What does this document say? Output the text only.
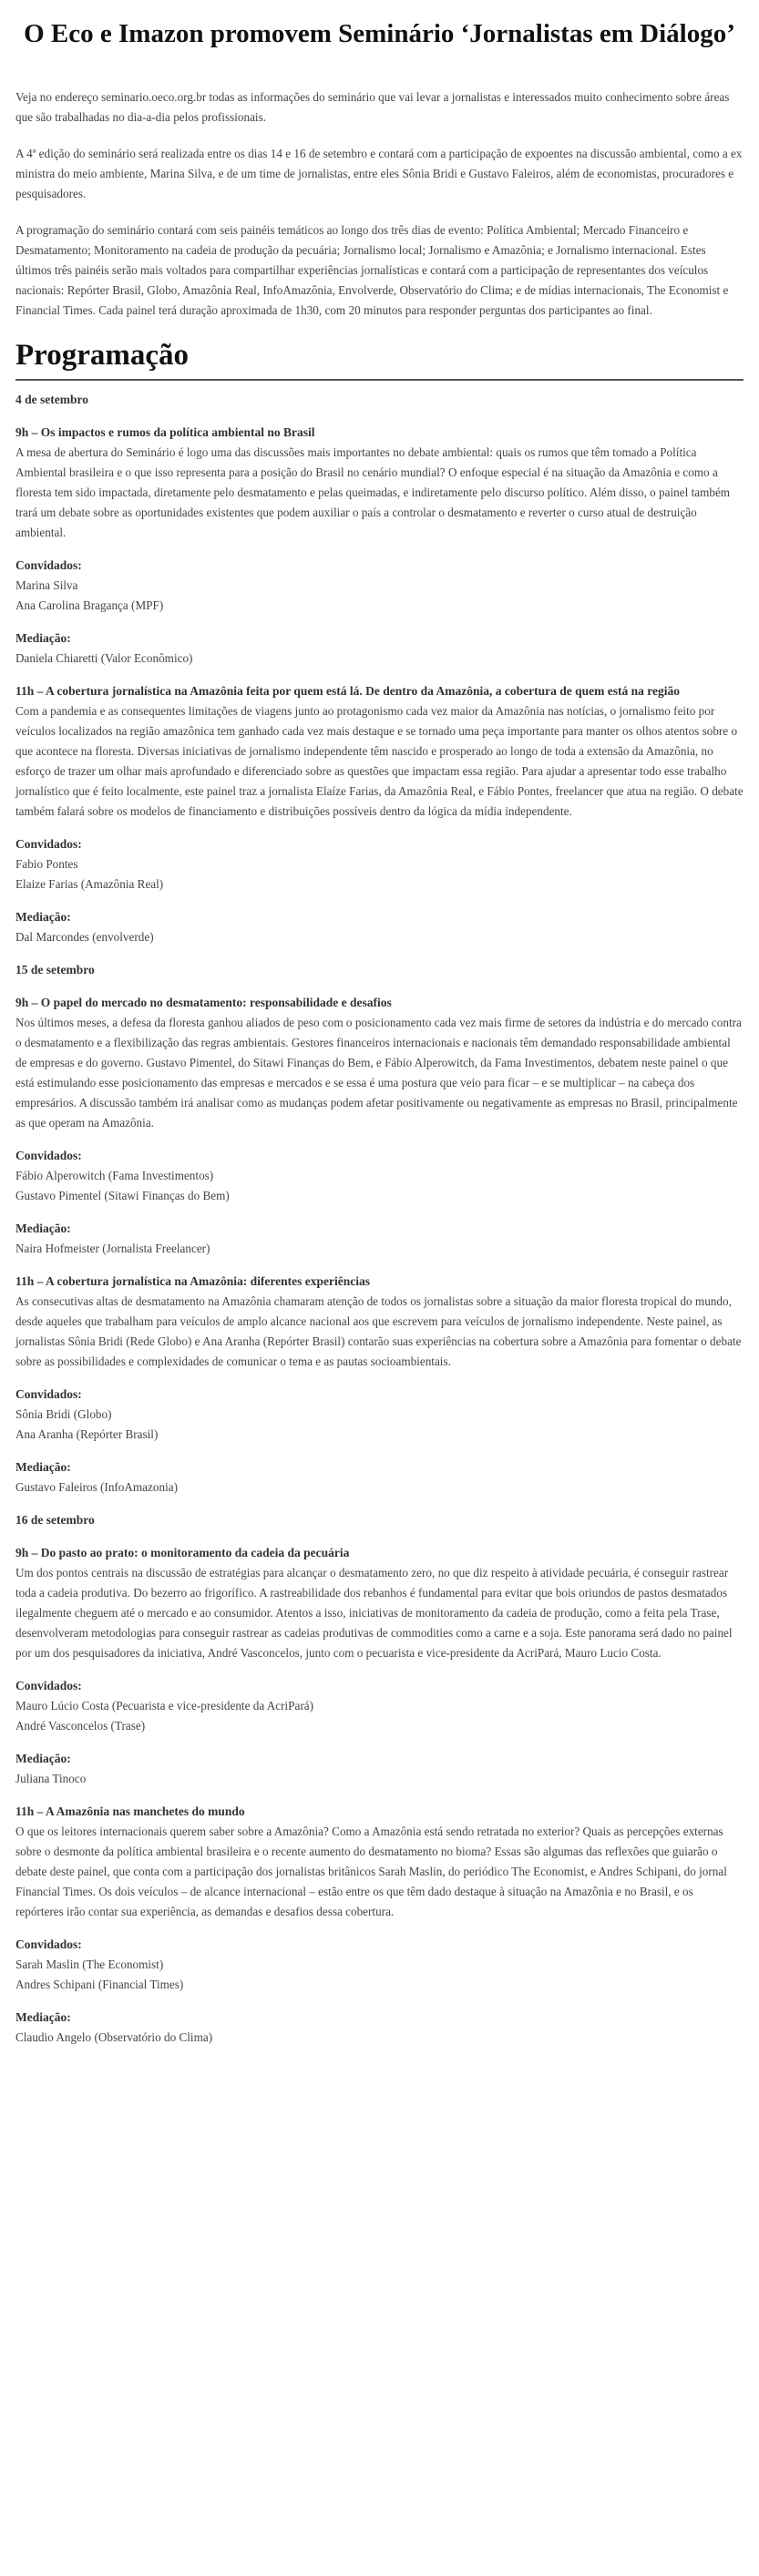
O Eco e Imazon promovem Seminário ‘Jornalistas em Diálogo’

Veja no endereço seminario.oeco.org.br todas as informações do seminário que vai levar a jornalistas e interessados muito conhecimento sobre áreas que são trabalhadas no dia-a-dia pelos profissionais.

A 4ª edição do seminário será realizada entre os dias 14 e 16 de setembro e contará com a participação de expoentes na discussão ambiental, como a ex ministra do meio ambiente, Marina Silva, e de um time de jornalistas, entre eles Sônia Bridi e Gustavo Faleiros, além de economistas, procuradores e pesquisadores.

A programação do seminário contará com seis painéis temáticos ao longo dos três dias de evento: Política Ambiental; Mercado Financeiro e Desmatamento; Monitoramento na cadeia de produção da pecuária; Jornalismo local; Jornalismo e Amazônia; e Jornalismo internacional. Estes últimos três painéis serão mais voltados para compartilhar experiências jornalísticas e contará com a participação de representantes dos veículos nacionais: Repórter Brasil, Globo, Amazônia Real, InfoAmazônia, Envolverde, Observatório do Clima; e de mídias internacionais, The Economist e Financial Times. Cada painel terá duração aproximada de 1h30, com 20 minutos para responder perguntas dos participantes ao final.

Programação
4 de setembro
9h – Os impactos e rumos da política ambiental no Brasil
A mesa de abertura do Seminário é logo uma das discussões mais importantes no debate ambiental: quais os rumos que têm tomado a Política Ambiental brasileira e o que isso representa para a posição do Brasil no cenário mundial? O enfoque especial é na situação da Amazônia e como a floresta tem sido impactada, diretamente pelo desmatamento e pelas queimadas, e indiretamente pelo discurso político. Além disso, o painel também trará um debate sobre as oportunidades existentes que podem auxiliar o país a controlar o desmatamento e reverter o curso atual de destruição ambiental.
Convidados:
Marina Silva
Ana Carolina Bragança (MPF)
Mediação:
Daniela Chiaretti (Valor Econômico)
11h – A cobertura jornalística na Amazônia feita por quem está lá. De dentro da Amazônia, a cobertura de quem está na região
Com a pandemia e as consequentes limitações de viagens junto ao protagonismo cada vez maior da Amazônia nas notícias, o jornalismo feito por veículos localizados na região amazônica tem ganhado cada vez mais destaque e se tornado uma peça importante para manter os olhos atentos sobre o que acontece na floresta. Diversas iniciativas de jornalismo independente têm nascido e prosperado ao longo de toda a extensão da Amazônia, no esforço de trazer um olhar mais aprofundado e diferenciado sobre as questões que impactam essa região. Para ajudar a apresentar todo esse trabalho jornalístico que é feito localmente, este painel traz a jornalista Elaíze Farias, da Amazônia Real, e Fábio Pontes, freelancer que atua na região. O debate também falará sobre os modelos de financiamento e distribuições possíveis dentro da lógica da mídia independente.
Convidados:
Fabio Pontes
Elaize Farias (Amazônia Real)
Mediação:
Dal Marcondes (envolverde)
15 de setembro
9h – O papel do mercado no desmatamento: responsabilidade e desafios
Nos últimos meses, a defesa da floresta ganhou aliados de peso com o posicionamento cada vez mais firme de setores da indústria e do mercado contra o desmatamento e a flexibilização das regras ambientais. Gestores financeiros internacionais e nacionais têm demandado responsabilidade ambiental de empresas e do governo. Gustavo Pimentel, do Sitawi Finanças do Bem, e Fábio Alperowitch, da Fama Investimentos, debatem neste painel o que está estimulando esse posicionamento das empresas e mercados e se essa é uma postura que veio para ficar – e se multiplicar – na cabeça dos empresários. A discussão também irá analisar como as mudanças podem afetar positivamente ou negativamente as empresas no Brasil, principalmente as que operam na Amazônia.
Convidados:
Fábio Alperowitch (Fama Investimentos)
Gustavo Pimentel (Sitawi Finanças do Bem)
Mediação:
Naira Hofmeister (Jornalista Freelancer)
11h – A cobertura jornalística na Amazônia: diferentes experiências
As consecutivas altas de desmatamento na Amazônia chamaram atenção de todos os jornalistas sobre a situação da maior floresta tropical do mundo, desde aqueles que trabalham para veículos de amplo alcance nacional aos que escrevem para veículos de jornalismo independente. Neste painel, as jornalistas Sônia Bridi (Rede Globo) e Ana Aranha (Repórter Brasil) contarão suas experiências na cobertura sobre a Amazônia para fomentar o debate sobre as possibilidades e complexidades de comunicar o tema e as pautas socioambientais.
Convidados:
Sônia Bridi (Globo)
Ana Aranha (Repórter Brasil)
Mediação:
Gustavo Faleiros (InfoAmazonia)
16 de setembro
9h – Do pasto ao prato: o monitoramento da cadeia da pecuária
Um dos pontos centrais na discussão de estratégias para alcançar o desmatamento zero, no que diz respeito à atividade pecuária, é conseguir rastrear toda a cadeia produtiva. Do bezerro ao frigorífico. A rastreabilidade dos rebanhos é fundamental para evitar que bois oriundos de pastos desmatados ilegalmente cheguem até o mercado e ao consumidor. Atentos a isso, iniciativas de monitoramento da cadeia de produção, como a feita pela Trase, desenvolveram metodologias para conseguir rastrear as cadeias produtivas de commodities como a carne e a soja. Este panorama será dado no painel por um dos pesquisadores da iniciativa, André Vasconcelos, junto com o pecuarista e vice-presidente da AcriPará, Mauro Lucio Costa.
Convidados:
Mauro Lúcio Costa (Pecuarista e vice-presidente da AcriPará)
André Vasconcelos (Trase)
Mediação:
Juliana Tinoco
11h – A Amazônia nas manchetes do mundo
O que os leitores internacionais querem saber sobre a Amazônia? Como a Amazônia está sendo retratada no exterior? Quais as percepções externas sobre o desmonte da política ambiental brasileira e o recente aumento do desmatamento no bioma? Essas são algumas das reflexões que guiarão o debate deste painel, que conta com a participação dos jornalistas britânicos Sarah Maslin, do periódico The Economist, e Andres Schipani, do jornal Financial Times. Os dois veículos – de alcance internacional – estão entre os que têm dado destaque à situação na Amazônia e no Brasil, e os repórteres irão contar sua experiência, as demandas e desafios dessa cobertura.
Convidados:
Sarah Maslin (The Economist)
Andres Schipani (Financial Times)
Mediação:
Claudio Angelo (Observatório do Clima)
